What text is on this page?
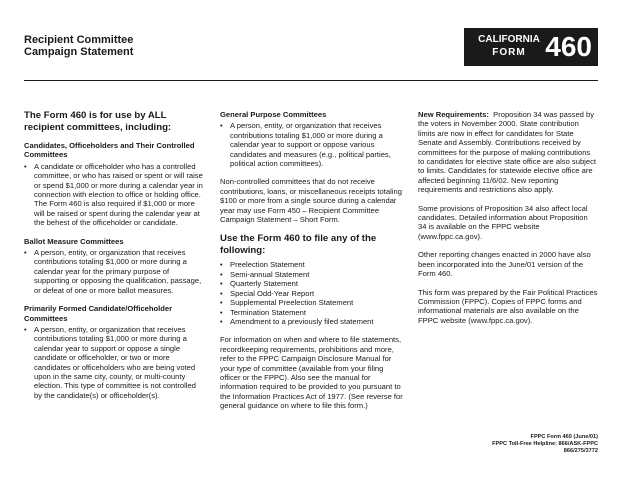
Recipient Committee
Campaign Statement
CALIFORNIA
FORM 460
The Form 460 is for use by ALL recipient committees, including:
Candidates, Officeholders and Their Controlled Committees
• A candidate or officeholder who has a controlled committee, or who has raised or spent or will raise or spend $1,000 or more during a calendar year in connection with election to office or holding office. The Form 460 is also required if $1,000 or more will be raised or spent during the calendar year at the behest of the officeholder or candidate.
Ballot Measure Committees
• A person, entity, or organization that receives contributions totaling $1,000 or more during a calendar year for the primary purpose of supporting or opposing the qualification, passage, or defeat of one or more ballot measures.
Primarily Formed Candidate/Officeholder Committees
• A person, entity, or organization that receives contributions totaling $1,000 or more during a calendar year to support or oppose a single candidate or officeholder, or two or more candidates or officeholders who are being voted upon in the same city, county, or multi-county election. This type of committee is not controlled by the candidate(s) or officeholder(s).
General Purpose Committees
• A person, entity, or organization that receives contributions totaling $1,000 or more during a calendar year to support or oppose various candidates and measures (e.g., political parties, political action committees).

Non-controlled committees that do not receive contributions, loans, or miscellaneous receipts totaling $100 or more from a single source during a calendar year may use Form 450 – Recipient Committee Campaign Statement – Short Form.

Use the Form 460 to file any of the following:
• Preelection Statement
• Semi-annual Statement
• Quarterly Statement
• Special Odd-Year Report
• Supplemental Preelection Statement
• Termination Statement
• Amendment to a previously filed statement

For information on when and where to file statements, recordkeeping requirements, prohibitions and more, refer to the FPPC Campaign Disclosure Manual for your type of committee (available from your filing officer or the FPPC). Also see the manual for information required to be provided to you pursuant to the Information Practices Act of 1977. (See reverse for general guidance on where to file this form.)

New Requirements: Proposition 34 was passed by the voters in November 2000. State contribution limits are now in effect for candidates for State Senate and Assembly. Contributions received by committees for the purpose of making contributions to candidates for elective state office are also subject to limits. Candidates for statewide elective office are affected beginning 11/6/02. New reporting requirements and restrictions also apply.

Some provisions of Proposition 34 also affect local candidates. Detailed information about Proposition 34 is available on the FPPC website (www.fppc.ca.gov).

Other reporting changes enacted in 2000 have also been incorporated into the June/01 version of the Form 460.

This form was prepared by the Fair Political Practices Commission (FPPC). Copies of FPPC forms and informational materials are also available on the FPPC website (www.fppc.ca.gov).

FPPC Form 460 (June/01)
FPPC Toll-Free Helpline: 866/ASK-FPPC
866/275/3772
